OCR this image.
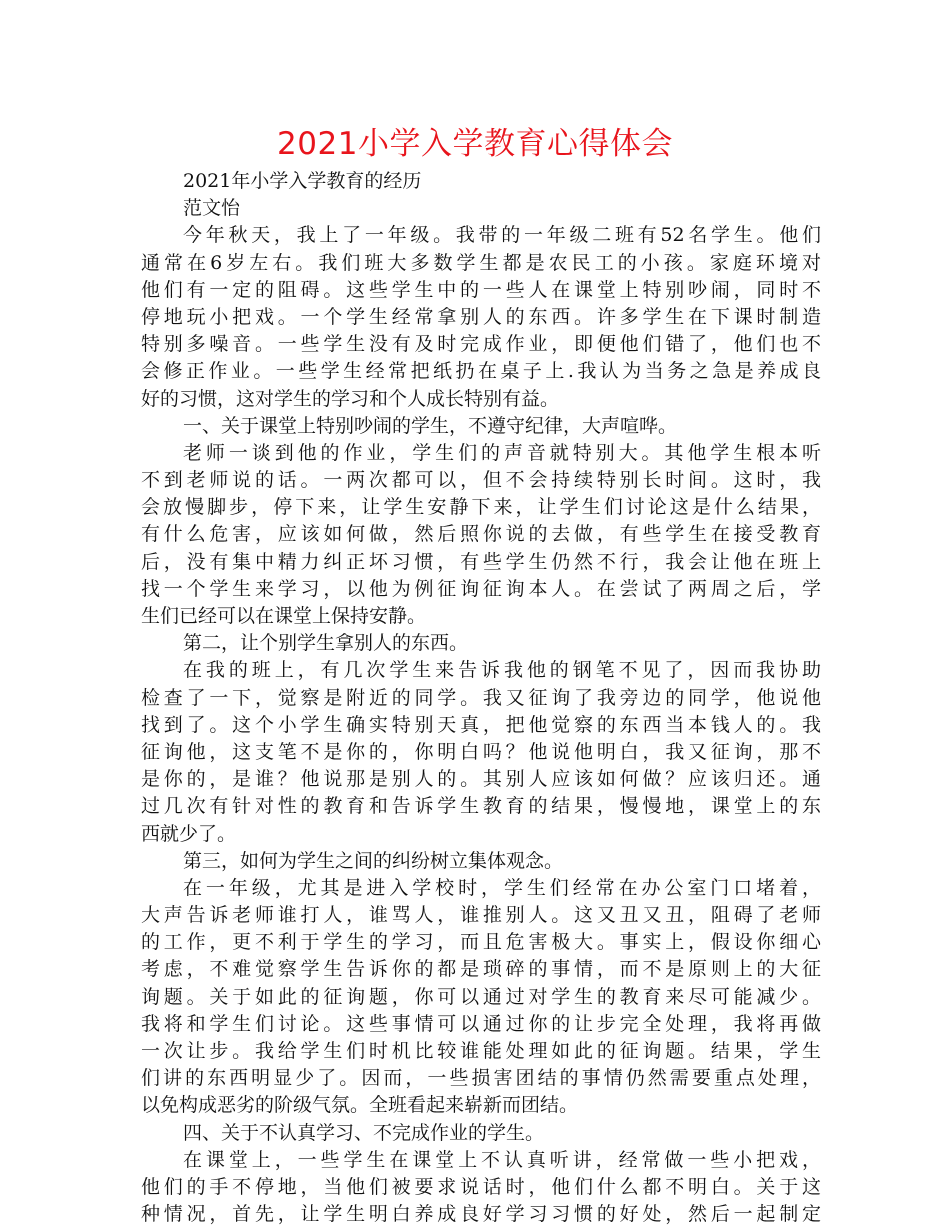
2021小学入学教育心得体会
2021年小学入学教育的经历
范文怡
今年秋天，我上了一年级。我带的一年级二班有52名学生。他们
通常在6岁左右。我们班大多数学生都是农民工的小孩。家庭环境对
他们有一定的阻碍。这些学生中的一些人在课堂上特别吵闹，同时不
停地玩小把戏。一个学生经常拿别人的东西。许多学生在下课时制造
特别多噪音。一些学生没有及时完成作业，即便他们错了，他们也不
会修正作业。一些学生经常把纸扔在桌子上.我认为当务之急是养成良
好的习惯，这对学生的学习和个人成长特别有益。
一、关于课堂上特别吵闹的学生，不遵守纪律，大声喧哗。
老师一谈到他的作业，学生们的声音就特别大。其他学生根本听
不到老师说的话。一两次都可以，但不会持续特别长时间。这时，我
会放慢脚步，停下来，让学生安静下来，让学生们讨论这是什么结果，
有什么危害，应该如何做，然后照你说的去做，有些学生在接受教育
后，没有集中精力纠正坏习惯，有些学生仍然不行，我会让他在班上
找一个学生来学习，以他为例征询征询本人。在尝试了两周之后，学
生们已经可以在课堂上保持安静。
第二，让个别学生拿别人的东西。
在我的班上，有几次学生来告诉我他的钢笔不见了，因而我协助
检查了一下，觉察是附近的同学。我又征询了我旁边的同学，他说他
找到了。这个小学生确实特别天真，把他觉察的东西当本钱人的。我
征询他，这支笔不是你的，你明白吗？他说他明白，我又征询，那不
是你的，是谁？他说那是别人的。其别人应该如何做？应该归还。通
过几次有针对性的教育和告诉学生教育的结果，慢慢地，课堂上的东
西就少了。
第三，如何为学生之间的纠纷树立集体观念。
在一年级，尤其是进入学校时，学生们经常在办公室门口堵着，
大声告诉老师谁打人，谁骂人，谁推别人。这又丑又丑，阻碍了老师
的工作，更不利于学生的学习，而且危害极大。事实上，假设你细心
考虑，不难觉察学生告诉你的都是琐碎的事情，而不是原则上的大征
询题。关于如此的征询题，你可以通过对学生的教育来尽可能减少。
我将和学生们讨论。这些事情可以通过你的让步完全处理，我将再做
一次让步。我给学生们时机比较谁能处理如此的征询题。结果，学生
们讲的东西明显少了。因而，一些损害团结的事情仍然需要重点处理，
以免构成恶劣的阶级气氛。全班看起来崭新而团结。
四、关于不认真学习、不完成作业的学生。
在课堂上，一些学生在课堂上不认真听讲，经常做一些小把戏，
他们的手不停地，当他们被要求说话时，他们什么都不明白。关于这
种情况，首先，让学生明白养成良好学习习惯的好处，然后一起制定
